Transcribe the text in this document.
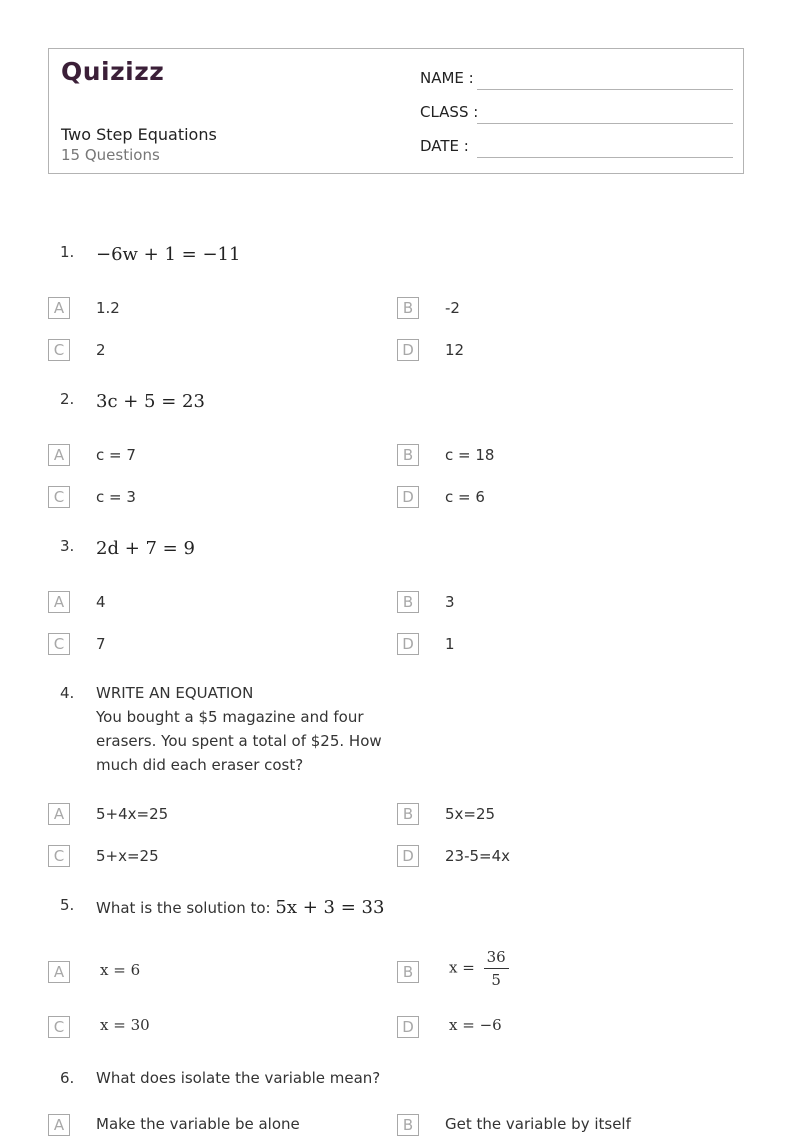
Quizizz
Two Step Equations
15 Questions
NAME :
CLASS :
DATE :
1. −6w + 1 = −11
A	1.2	B	-2
C	2	D	12
2. 3c + 5 = 23
A	c = 7	B	c = 18
C	c = 3	D	c = 6
3. 2d + 7 = 9
A	4	B	3
C	7	D	1
4. WRITE AN EQUATION
You bought a $5 magazine and four
erasers. You spent a total of $25. How
much did each eraser cost?
A	5+4x=25	B	5x=25
C	5+x=25	D	23-5=4x
5. What is the solution to: 5x + 3 = 33
A	x = 6	B	$x = \frac{36}{5}$
C	x = 30	D	x = −6
6. What does isolate the variable mean?
A	Make the variable be alone	B	Get the variable by itself
